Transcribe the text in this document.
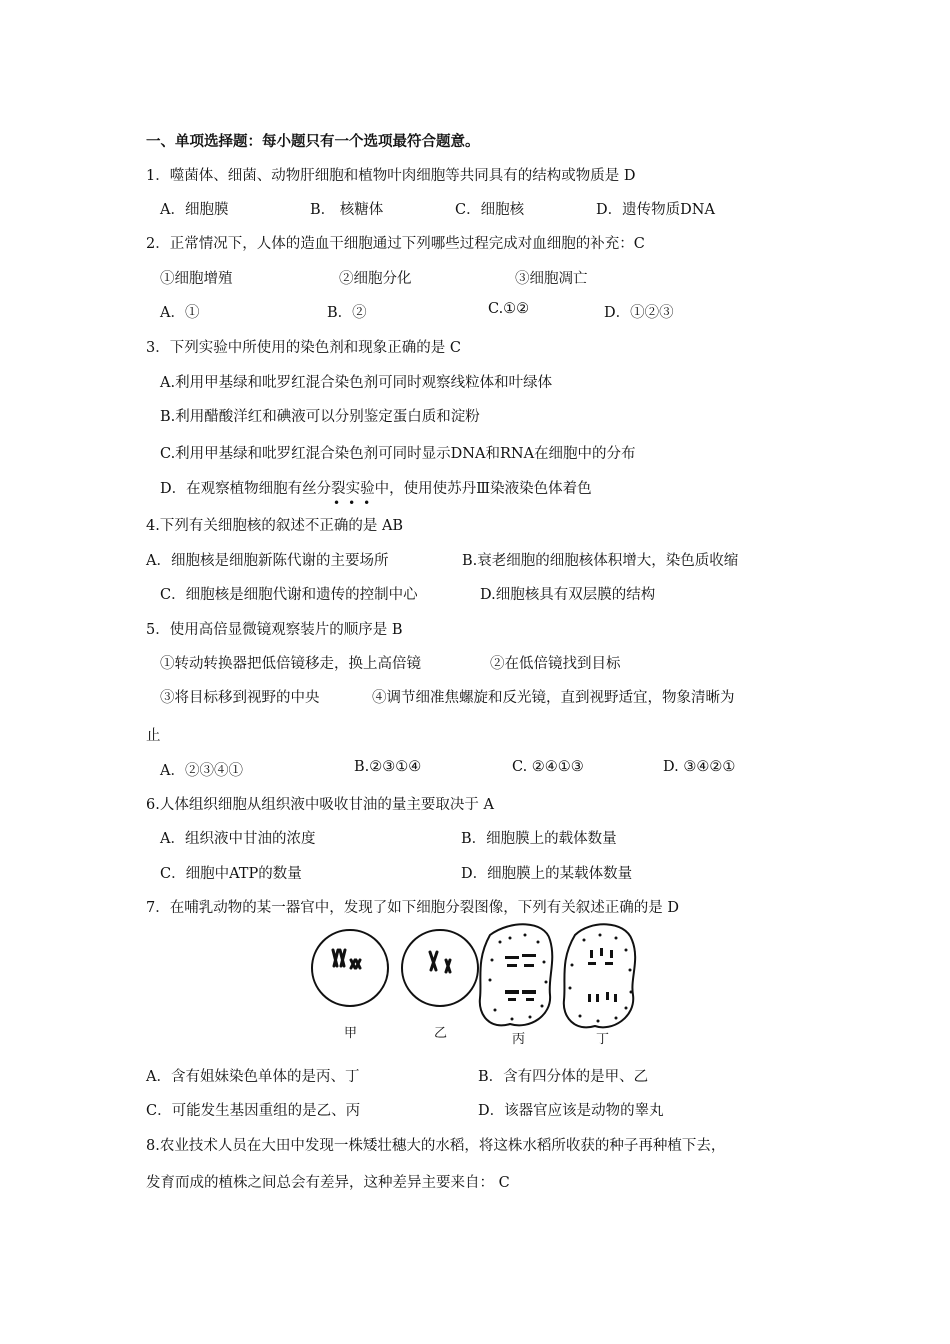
一、单项选择题：每小题只有一个选项最符合题意。
1．噬菌体、细菌、动物肝细胞和植物叶肉细胞等共同具有的结构或物质是 D
A．细胞膜	B． 核糖体	C．细胞核	D．遗传物质DNA
2．正常情况下，人体的造血干细胞通过下列哪些过程完成对血细胞的补充：C
①细胞增殖	②细胞分化	③细胞凋亡
A．①	B．②	C.①②	D．①②③
3．下列实验中所使用的染色剂和现象正确的是 C
A.利用甲基绿和吡罗红混合染色剂可同时观察线粒体和叶绿体
B.利用醋酸洋红和碘液可以分别鉴定蛋白质和淀粉
C.利用甲基绿和吡罗红混合染色剂可同时显示DNA和RNA在细胞中的分布
D．在观察植物细胞有丝分裂实验中，使用使苏丹Ⅲ染液染色体着色
•••
4.下列有关细胞核的叙述不正确的是 AB
A．细胞核是细胞新陈代谢的主要场所	B.衰老细胞的细胞核体积增大，染色质收缩
C．细胞核是细胞代谢和遗传的控制中心	D.细胞核具有双层膜的结构
5．使用高倍显微镜观察装片的顺序是 B
①转动转换器把低倍镜移走，换上高倍镜	②在低倍镜找到目标
③将目标移到视野的中央	④调节细准焦螺旋和反光镜，直到视野适宜，物象清晰为
止
A．②③④①	B.②③①④	C. ②④①③	D. ③④②①
6.人体组织细胞从组织液中吸收甘油的量主要取决于 A
A．组织液中甘油的浓度	B．细胞膜上的载体数量
C．细胞中ATP的数量	D．细胞膜上的某载体数量
7．在哺乳动物的某一器官中，发现了如下细胞分裂图像，下列有关叙述正确的是 D
甲	乙	丙	丁
A．含有姐妹染色单体的是丙、丁	B．含有四分体的是甲、乙
C．可能发生基因重组的是乙、丙	D．该器官应该是动物的睾丸
8.农业技术人员在大田中发现一株矮壮穗大的水稻，将这株水稻所收获的种子再种植下去，
发育而成的植株之间总会有差异，这种差异主要来自： C
